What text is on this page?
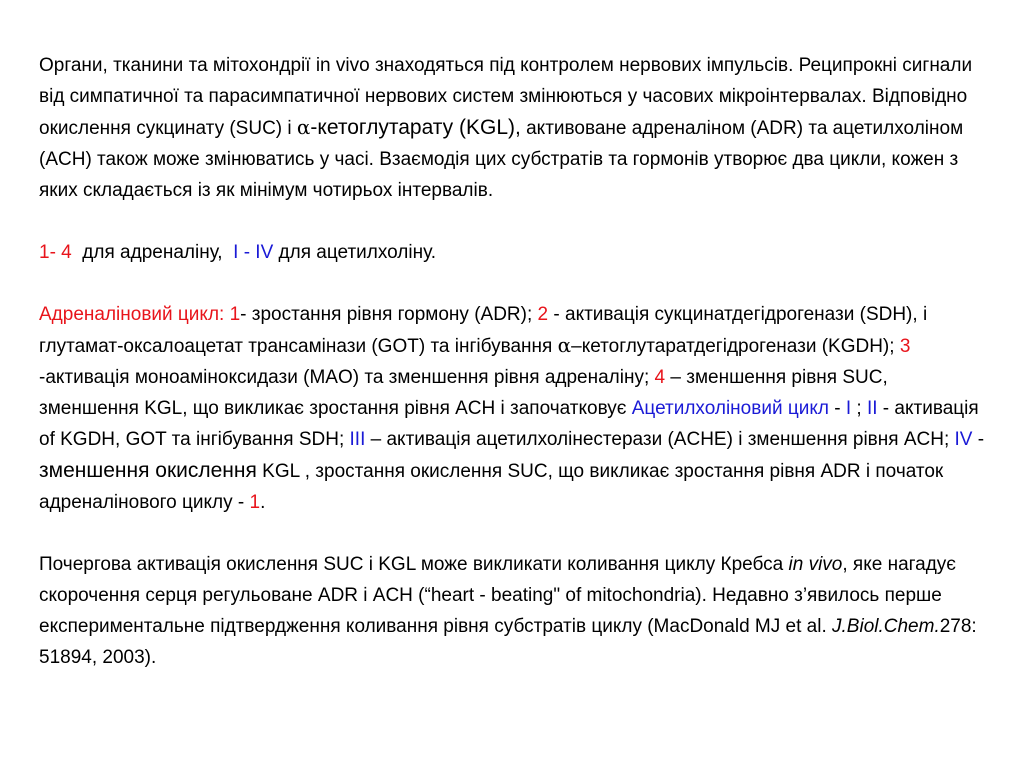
Органи, тканини та мітохондрії in vivo знаходяться під контролем нервових імпульсів. Реципрокні сигнали від симпатичної та парасимпатичної нервових систем змінюються у часових мікроінтервалах. Відповідно окислення сукцинату (SUC) і α-кетоглутарату (KGL), активоване адреналіном (ADR) та ацетилхоліном (ACH) також може змінюватись у часі. Взаємодія цих субстратів та гормонів утворює два цикли, кожен з яких складається із як мінімум чотирьох інтервалів.

1- 4  для адреналіну,  I - IV для ацетилхоліну.

Адреналіновий цикл: 1- зростання рівня гормону (ADR); 2 - активація сукцинатдегідрогенази (SDH), і глутамат-оксалоацетат трансамінази (GOT) та інгібування α–кетоглутаратдегідрогенази (KGDH); 3 -активація моноаміноксидази (MAO) та зменшення рівня адреналіну; 4 – зменшення рівня SUC, зменшення KGL, що викликає зростання рівня ACH і започатковує Ацетилхоліновий цикл - I ; II - активація of KGDH, GOT та інгібування SDH; III – активація ацетилхолінестерази (ACHE) і зменшення рівня ACH; IV - зменшення окислення KGL , зростання окислення SUC, що викликає зростання рівня ADR і початок адреналінового циклу - 1.

Почергова активація окислення SUC і KGL може викликати коливання циклу Кребса in vivo, яке нагадує скорочення серця регульоване ADR і ACH (“heart - beating" of mitochondria). Недавно з’явилось перше експериментальне підтвердження коливання рівня субстратів циклу (MacDonald MJ et al. J.Biol.Chem.278: 51894, 2003).
